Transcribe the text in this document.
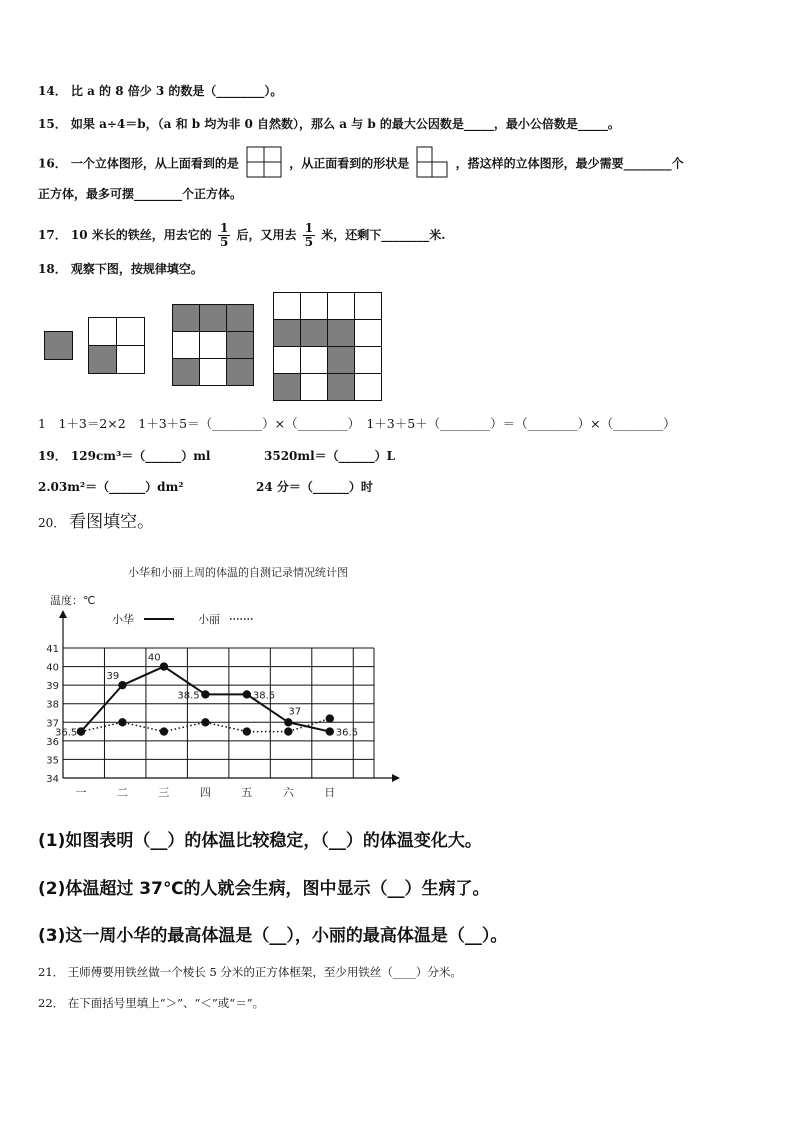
14． 比 a 的 8 倍少 3 的数是（________）。
15． 如果 a÷4＝b，（a 和 b 均为非 0 自然数），那么 a 与 b 的最大公因数是_____，最小公倍数是_____。
16． 一个立体图形，从上面看到的是	，从正面看到的形状是	，搭这样的立体图形，最少需要________个
正方体，最多可摆________个正方体。
17． 10 米长的铁丝，用去它的 $\frac{1}{5}$ 后，又用去 $\frac{1}{5}$ 米，还剩下________米.
18． 观察下图，按规律填空。
1　1＋3＝2×2　1＋3＋5＝（________）×（________）　1＋3＋5＋（________）＝（________）×（________）
19． 129cm³＝（______）ml	3520ml＝（______）L
2.03m²＝（______）dm²	24 分＝（______）时
20． 看图填空。
小华和小丽上周的体温的自测记录情况统计图
温度：℃
小华	小丽
34
35
36
37
38
39
40
41
一	二	三	四	五	六	日
36.5
39
40
38.5	38.5
37
36.5
(1)如图表明（__）的体温比较稳定，（__）的体温变化大。
(2)体温超过 37℃的人就会生病，图中显示（__）生病了。
(3)这一周小华的最高体温是（__），小丽的最高体温是（__）。
21． 王师傅要用铁丝做一个棱长 5 分米的正方体框架，至少用铁丝（____）分米。
22． 在下面括号里填上“＞”、“＜”或“＝”。
